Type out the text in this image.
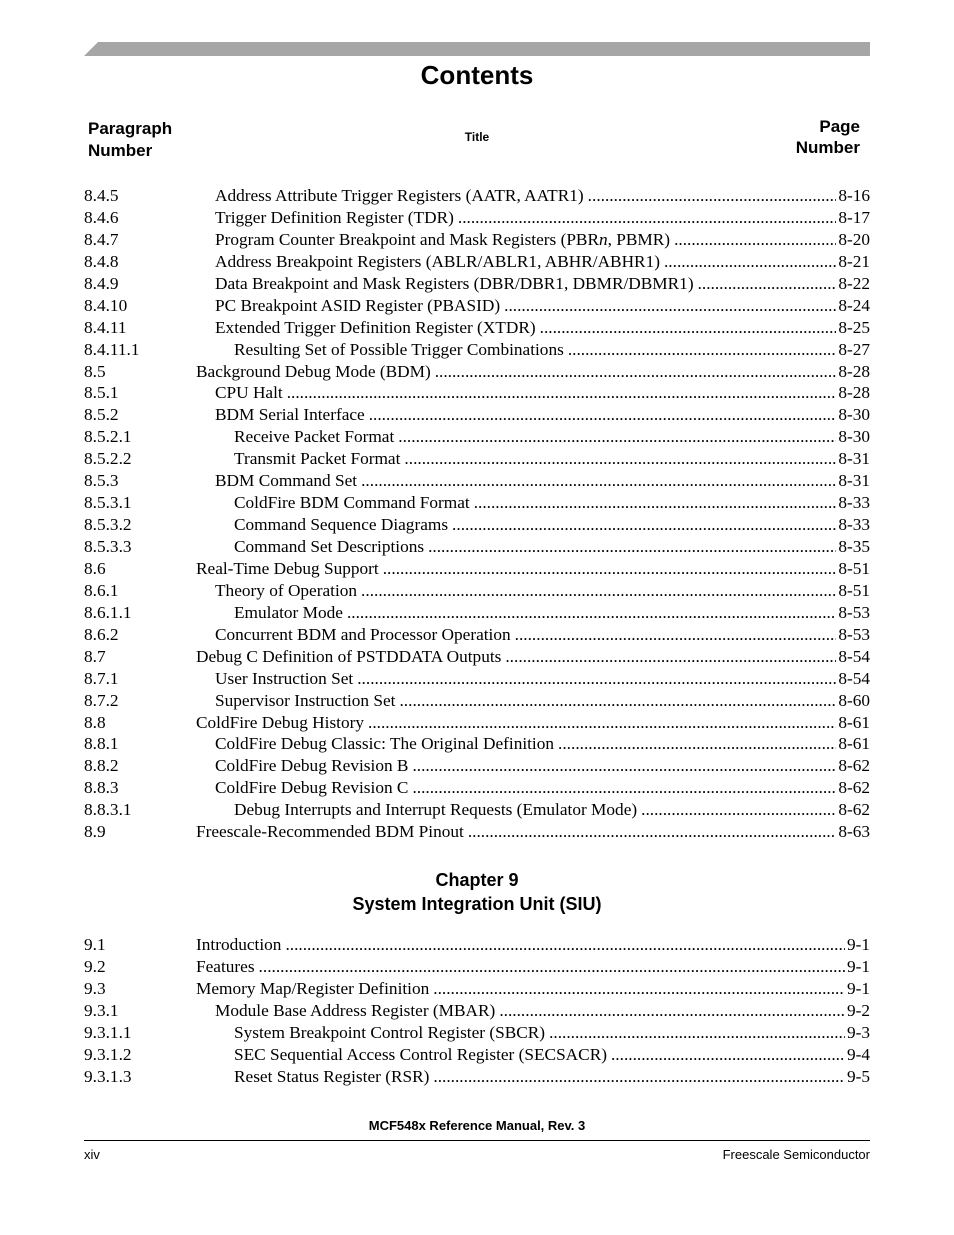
Contents
Paragraph
Number
Title
Page
Number
8.4.5	Address Attribute Trigger Registers (AATR, AATR1) .....	8-16
8.4.6	Trigger Definition Register (TDR) .....	8-17
8.4.7	Program Counter Breakpoint and Mask Registers (PBRn, PBMR) .....	8-20
8.4.8	Address Breakpoint Registers (ABLR/ABLR1, ABHR/ABHR1) .....	8-21
8.4.9	Data Breakpoint and Mask Registers (DBR/DBR1, DBMR/DBMR1) .....	8-22
8.4.10	PC Breakpoint ASID Register (PBASID) .....	8-24
8.4.11	Extended Trigger Definition Register (XTDR) .....	8-25
8.4.11.1	Resulting Set of Possible Trigger Combinations .....	8-27
8.5	Background Debug Mode (BDM) .....	8-28
8.5.1	CPU Halt .....	8-28
8.5.2	BDM Serial Interface .....	8-30
8.5.2.1	Receive Packet Format .....	8-30
8.5.2.2	Transmit Packet Format .....	8-31
8.5.3	BDM Command Set .....	8-31
8.5.3.1	ColdFire BDM Command Format .....	8-33
8.5.3.2	Command Sequence Diagrams .....	8-33
8.5.3.3	Command Set Descriptions .....	8-35
8.6	Real-Time Debug Support .....	8-51
8.6.1	Theory of Operation .....	8-51
8.6.1.1	Emulator Mode .....	8-53
8.6.2	Concurrent BDM and Processor Operation .....	8-53
8.7	Debug C Definition of PSTDDATA Outputs .....	8-54
8.7.1	User Instruction Set .....	8-54
8.7.2	Supervisor Instruction Set .....	8-60
8.8	ColdFire Debug History .....	8-61
8.8.1	ColdFire Debug Classic: The Original Definition .....	8-61
8.8.2	ColdFire Debug Revision B .....	8-62
8.8.3	ColdFire Debug Revision C .....	8-62
8.8.3.1	Debug Interrupts and Interrupt Requests (Emulator Mode) .....	8-62
8.9	Freescale-Recommended BDM Pinout .....	8-63
Chapter 9
System Integration Unit (SIU)
9.1	Introduction .....	9-1
9.2	Features .....	9-1
9.3	Memory Map/Register Definition .....	9-1
9.3.1	Module Base Address Register (MBAR) .....	9-2
9.3.1.1	System Breakpoint Control Register (SBCR) .....	9-3
9.3.1.2	SEC Sequential Access Control Register (SECSACR) .....	9-4
9.3.1.3	Reset Status Register (RSR) .....	9-5
MCF548x Reference Manual, Rev. 3
xiv	Freescale Semiconductor
